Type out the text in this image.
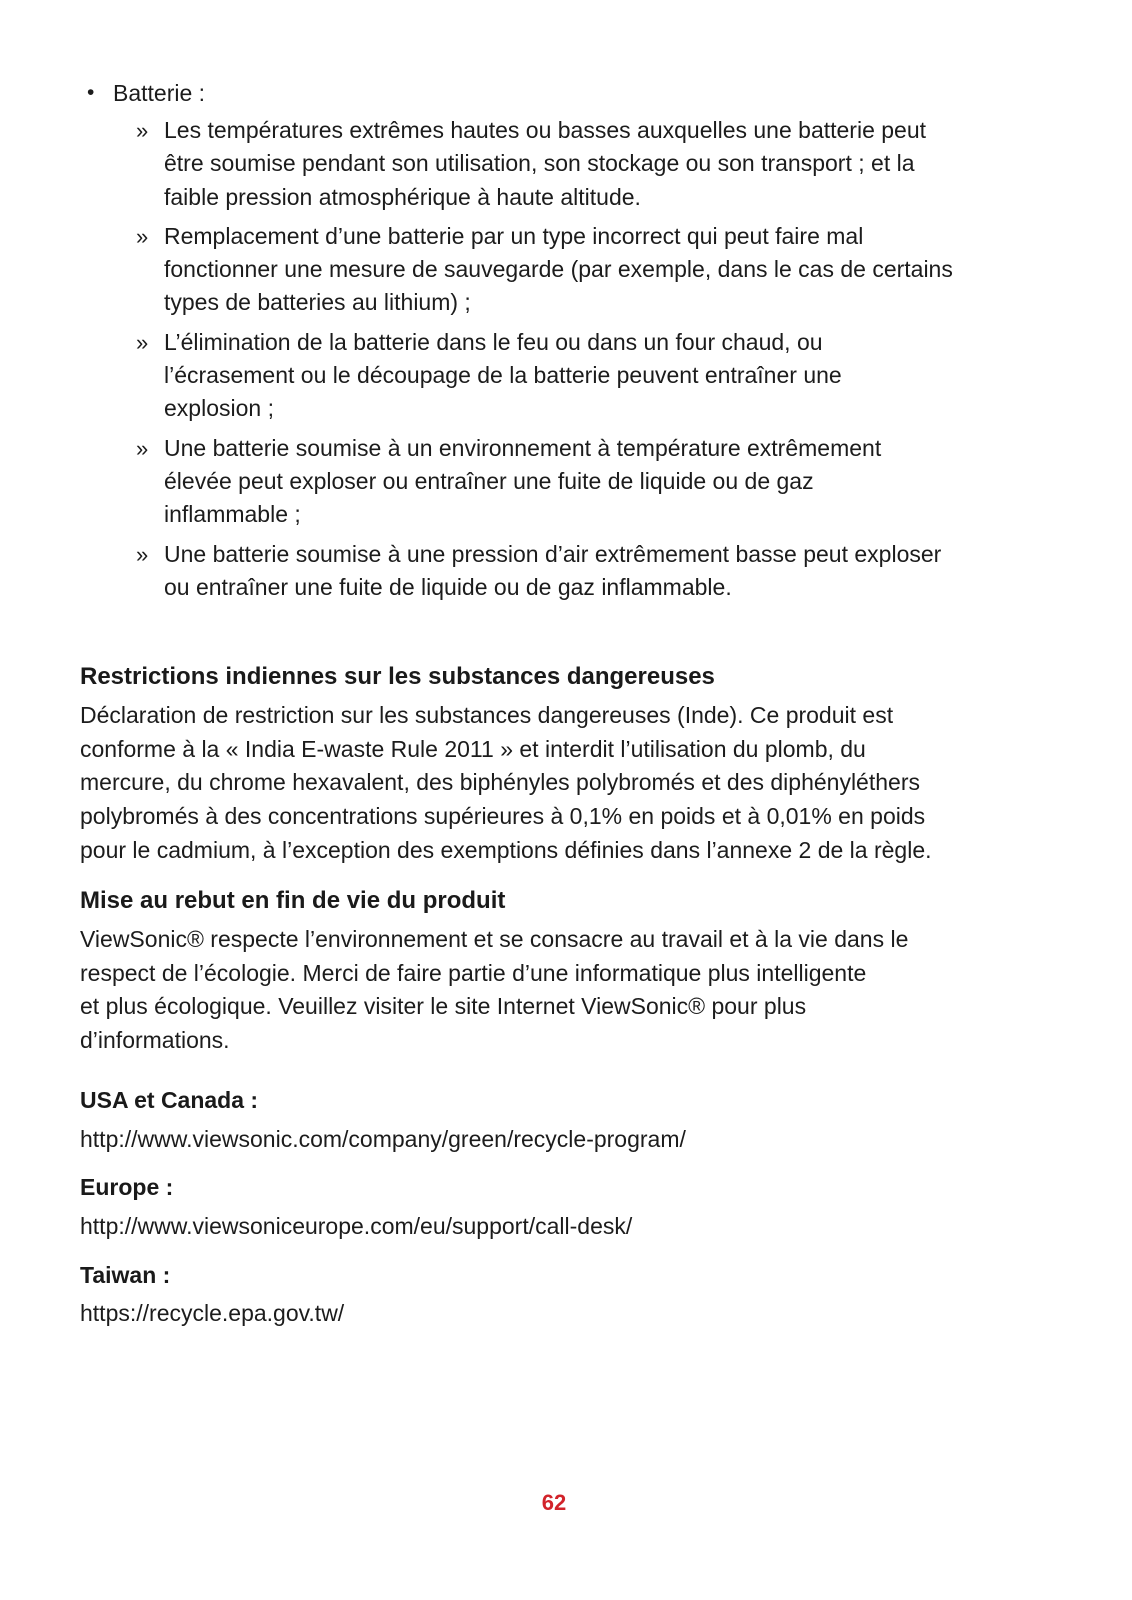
• Batterie :
» Les températures extrêmes hautes ou basses auxquelles une batterie peut
être soumise pendant son utilisation, son stockage ou son transport ; et la
faible pression atmosphérique à haute altitude.
» Remplacement d’une batterie par un type incorrect qui peut faire mal
fonctionner une mesure de sauvegarde (par exemple, dans le cas de certains
types de batteries au lithium) ;
» L’élimination de la batterie dans le feu ou dans un four chaud, ou
l’écrasement ou le découpage de la batterie peuvent entraîner une
explosion ;
» Une batterie soumise à un environnement à température extrêmement
élevée peut exploser ou entraîner une fuite de liquide ou de gaz
inflammable ;
» Une batterie soumise à une pression d’air extrêmement basse peut exploser
ou entraîner une fuite de liquide ou de gaz inflammable.
Restrictions indiennes sur les substances dangereuses
Déclaration de restriction sur les substances dangereuses (Inde). Ce produit est
conforme à la « India E-waste Rule 2011 » et interdit l’utilisation du plomb, du
mercure, du chrome hexavalent, des biphényles polybromés et des diphényléthers
polybromés à des concentrations supérieures à 0,1% en poids et à 0,01% en poids
pour le cadmium, à l’exception des exemptions définies dans l’annexe 2 de la règle.
Mise au rebut en fin de vie du produit
ViewSonic® respecte l’environnement et se consacre au travail et à la vie dans le
respect de l’écologie. Merci de faire partie d’une informatique plus intelligente
et plus écologique. Veuillez visiter le site Internet ViewSonic® pour plus
d’informations.
USA et Canada :
http://www.viewsonic.com/company/green/recycle-program/
Europe :
http://www.viewsoniceurope.com/eu/support/call-desk/
Taiwan :
https://recycle.epa.gov.tw/
62
